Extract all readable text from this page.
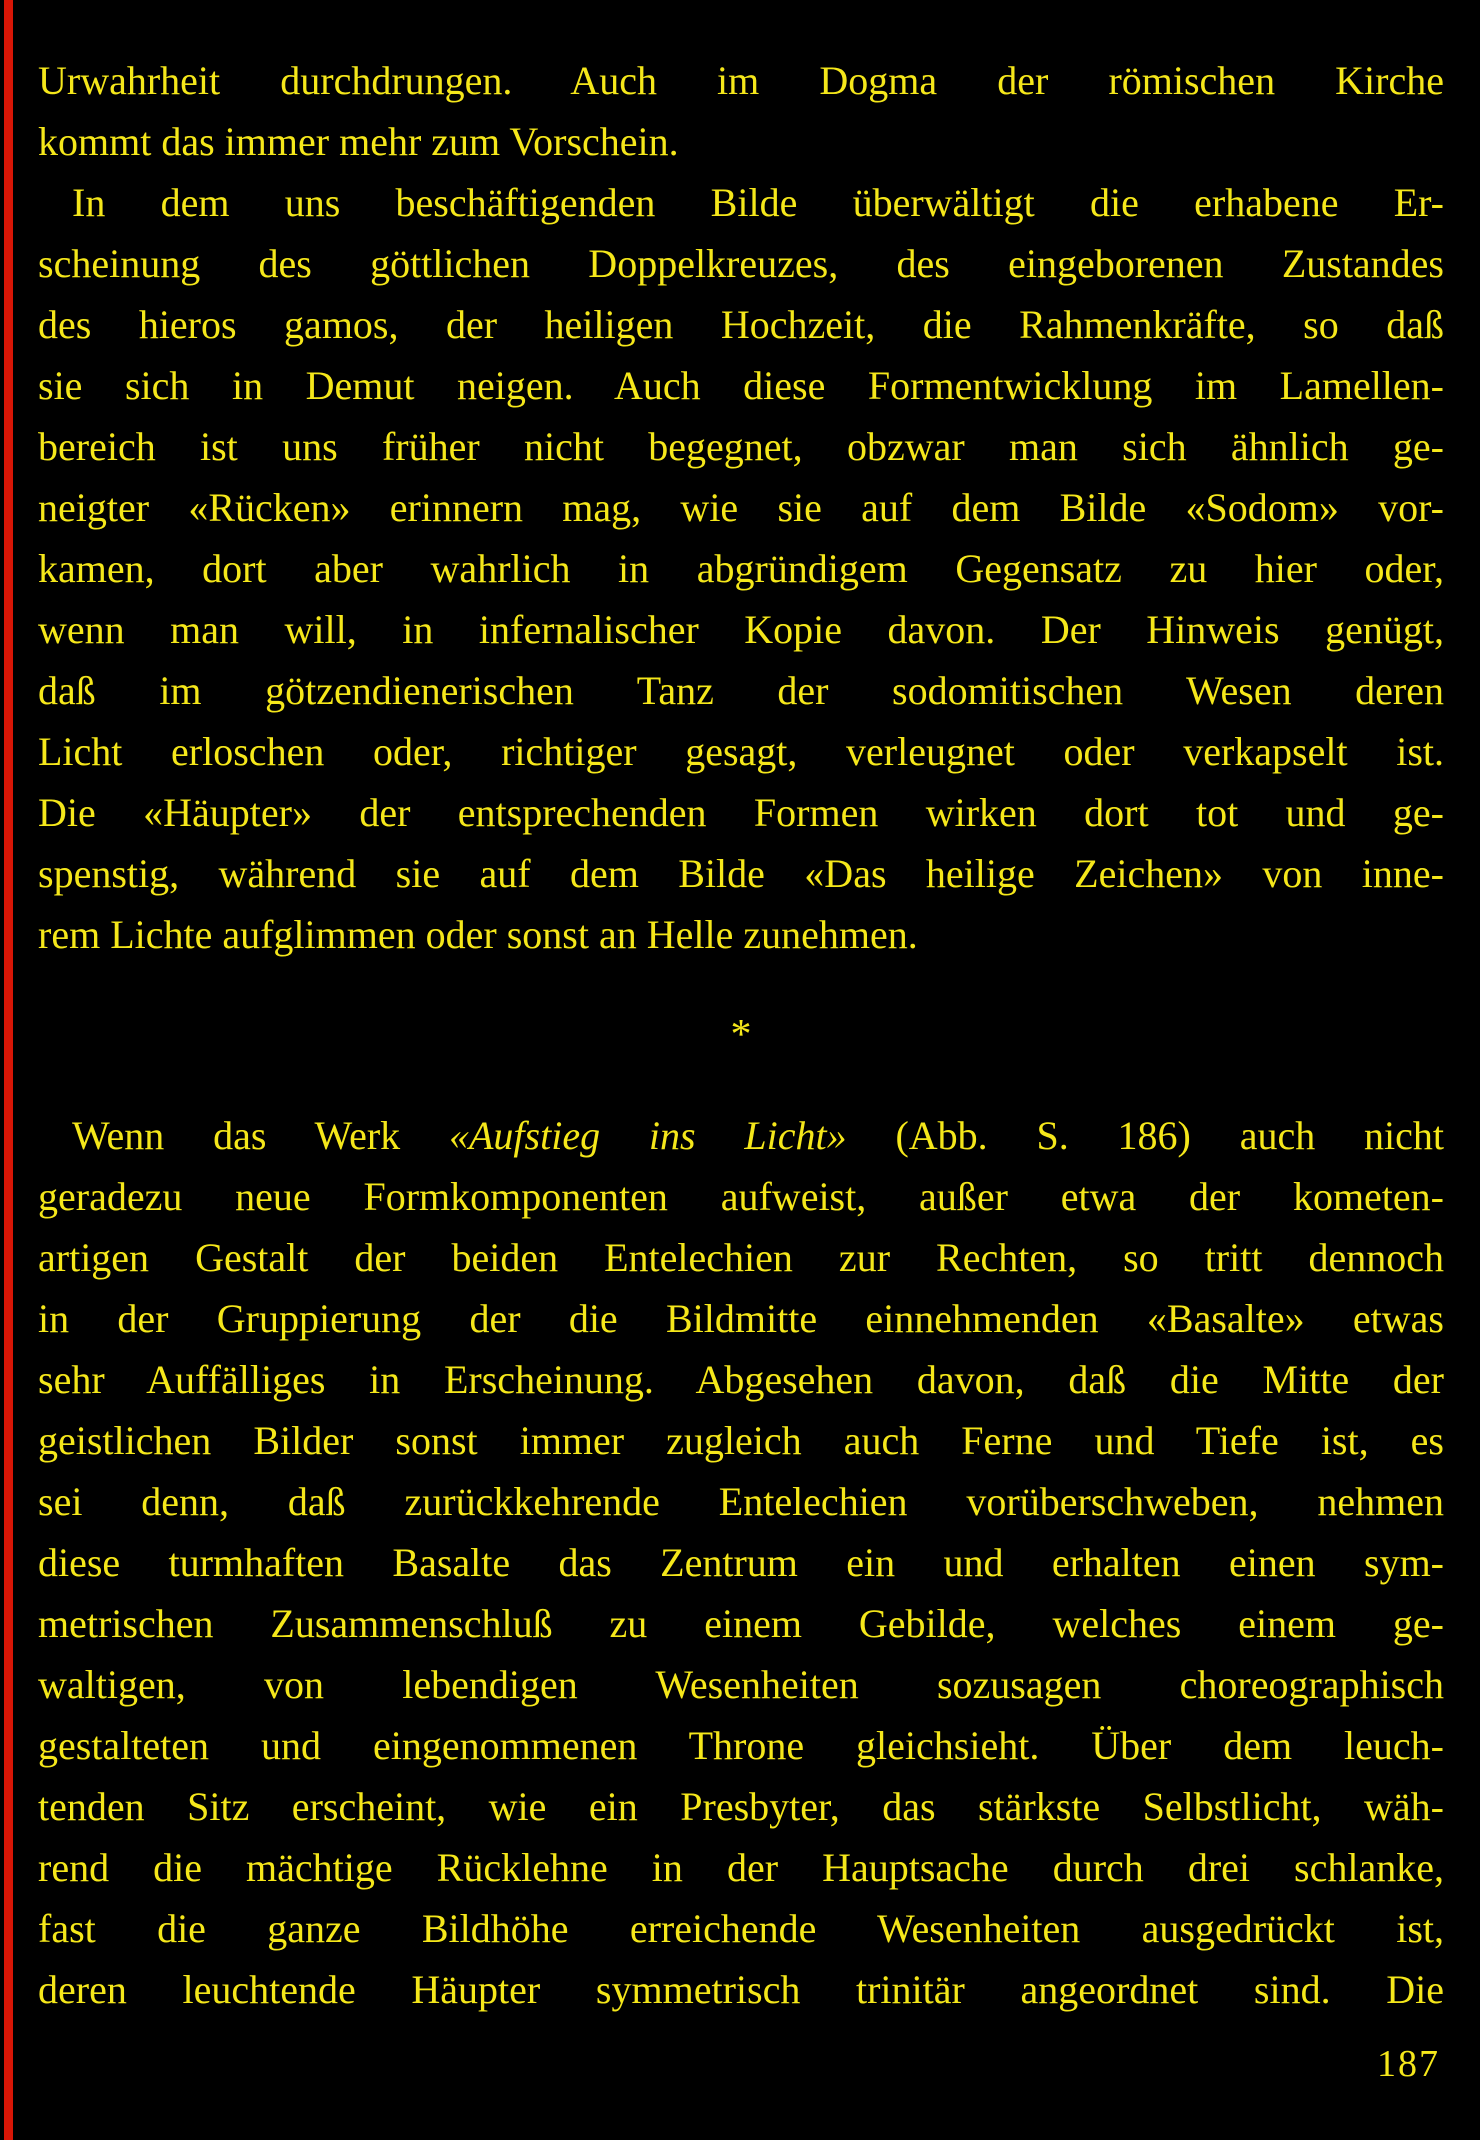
Urwahrheit durchdrungen. Auch im Dogma der römischen Kirche
kommt das immer mehr zum Vorschein.
In dem uns beschäftigenden Bilde überwältigt die erhabene Er-
scheinung des göttlichen Doppelkreuzes, des eingeborenen Zustandes
des hieros gamos, der heiligen Hochzeit, die Rahmenkräfte, so daß
sie sich in Demut neigen. Auch diese Formentwicklung im Lamellen-
bereich ist uns früher nicht begegnet, obzwar man sich ähnlich ge-
neigter «Rücken» erinnern mag, wie sie auf dem Bilde «Sodom» vor-
kamen, dort aber wahrlich in abgründigem Gegensatz zu hier oder,
wenn man will, in infernalischer Kopie davon. Der Hinweis genügt,
daß im götzendienerischen Tanz der sodomitischen Wesen deren
Licht erloschen oder, richtiger gesagt, verleugnet oder verkapselt ist.
Die «Häupter» der entsprechenden Formen wirken dort tot und ge-
spenstig, während sie auf dem Bilde «Das heilige Zeichen» von inne-
rem Lichte aufglimmen oder sonst an Helle zunehmen.
*
Wenn das Werk «Aufstieg ins Licht» (Abb. S. 186) auch nicht
geradezu neue Formkomponenten aufweist, außer etwa der kometen-
artigen Gestalt der beiden Entelechien zur Rechten, so tritt dennoch
in der Gruppierung der die Bildmitte einnehmenden «Basalte» etwas
sehr Auffälliges in Erscheinung. Abgesehen davon, daß die Mitte der
geistlichen Bilder sonst immer zugleich auch Ferne und Tiefe ist, es
sei denn, daß zurückkehrende Entelechien vorüberschweben, nehmen
diese turmhaften Basalte das Zentrum ein und erhalten einen sym-
metrischen Zusammenschluß zu einem Gebilde, welches einem ge-
waltigen, von lebendigen Wesenheiten sozusagen choreographisch
gestalteten und eingenommenen Throne gleichsieht. Über dem leuch-
tenden Sitz erscheint, wie ein Presbyter, das stärkste Selbstlicht, wäh-
rend die mächtige Rücklehne in der Hauptsache durch drei schlanke,
fast die ganze Bildhöhe erreichende Wesenheiten ausgedrückt ist,
deren leuchtende Häupter symmetrisch trinitär angeordnet sind. Die
187
